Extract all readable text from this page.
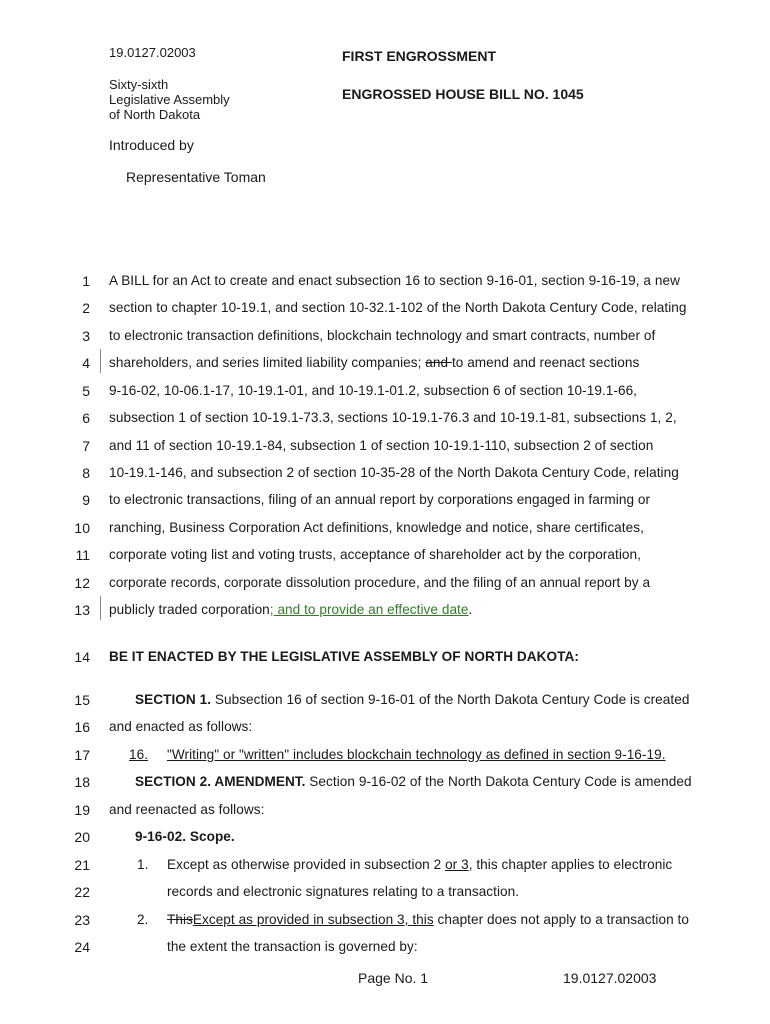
19.0127.02003	FIRST ENGROSSMENT
Sixty-sixth
Legislative Assembly
of North Dakota
ENGROSSED HOUSE BILL NO. 1045
Introduced by
Representative Toman
1 A BILL for an Act to create and enact subsection 16 to section 9-16-01, section 9-16-19, a new
2 section to chapter 10-19.1, and section 10-32.1-102 of the North Dakota Century Code, relating
3 to electronic transaction definitions, blockchain technology and smart contracts, number of
4 shareholders, and series limited liability companies; and to amend and reenact sections
5 9-16-02, 10-06.1-17, 10-19.1-01, and 10-19.1-01.2, subsection 6 of section 10-19.1-66,
6 subsection 1 of section 10-19.1-73.3, sections 10-19.1-76.3 and 10-19.1-81, subsections 1, 2,
7 and 11 of section 10-19.1-84, subsection 1 of section 10-19.1-110, subsection 2 of section
8 10-19.1-146, and subsection 2 of section 10-35-28 of the North Dakota Century Code, relating
9 to electronic transactions, filing of an annual report by corporations engaged in farming or
10 ranching, Business Corporation Act definitions, knowledge and notice, share certificates,
11 corporate voting list and voting trusts, acceptance of shareholder act by the corporation,
12 corporate records, corporate dissolution procedure, and the filing of an annual report by a
13 publicly traded corporation; and to provide an effective date.
14 BE IT ENACTED BY THE LEGISLATIVE ASSEMBLY OF NORTH DAKOTA:
15	SECTION 1. Subsection 16 of section 9-16-01 of the North Dakota Century Code is created
16 and enacted as follows:
17	16. "Writing" or "written" includes blockchain technology as defined in section 9-16-19.
18	SECTION 2. AMENDMENT. Section 9-16-02 of the North Dakota Century Code is amended
19 and reenacted as follows:
20	9-16-02. Scope.
21	1. Except as otherwise provided in subsection 2 or 3, this chapter applies to electronic
22	records and electronic signatures relating to a transaction.
23	2. ThisExcept as provided in subsection 3, this chapter does not apply to a transaction to
24	the extent the transaction is governed by:
Page No. 1	19.0127.02003
